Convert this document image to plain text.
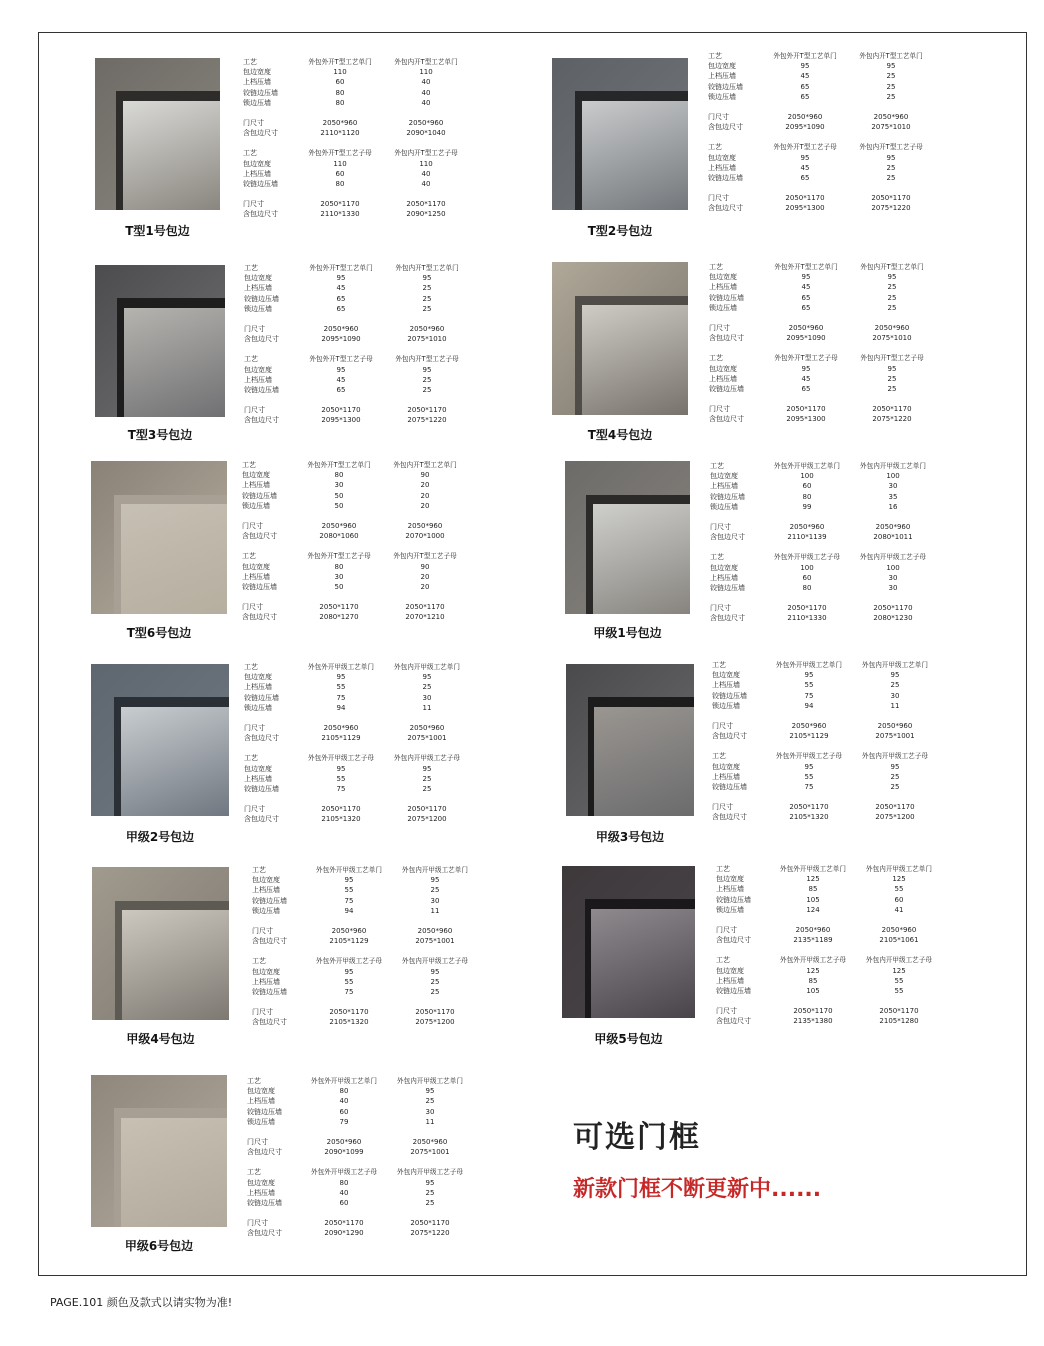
T型1号包边
工艺	外包外开T型工艺单门	外包内开T型工艺单门
包边宽度	110	110
上档压墙	60	40
铰链边压墙	80	40
锁边压墙	80	40
门尺寸	2050*960	2050*960
含包边尺寸	2110*1120	2090*1040
工艺	外包外开T型工艺子母	外包内开T型工艺子母
包边宽度	110	110
上档压墙	60	40
铰链边压墙	80	40
门尺寸	2050*1170	2050*1170
含包边尺寸	2110*1330	2090*1250
T型2号包边
工艺	外包外开T型工艺单门	外包内开T型工艺单门
包边宽度	95	95
上档压墙	45	25
铰链边压墙	65	25
锁边压墙	65	25
门尺寸	2050*960	2050*960
含包边尺寸	2095*1090	2075*1010
工艺	外包外开T型工艺子母	外包内开T型工艺子母
包边宽度	95	95
上档压墙	45	25
铰链边压墙	65	25
门尺寸	2050*1170	2050*1170
含包边尺寸	2095*1300	2075*1220
T型3号包边
工艺	外包外开T型工艺单门	外包内开T型工艺单门
包边宽度	95	95
上档压墙	45	25
铰链边压墙	65	25
锁边压墙	65	25
门尺寸	2050*960	2050*960
含包边尺寸	2095*1090	2075*1010
工艺	外包外开T型工艺子母	外包内开T型工艺子母
包边宽度	95	95
上档压墙	45	25
铰链边压墙	65	25
门尺寸	2050*1170	2050*1170
含包边尺寸	2095*1300	2075*1220
T型4号包边
工艺	外包外开T型工艺单门	外包内开T型工艺单门
包边宽度	95	95
上档压墙	45	25
铰链边压墙	65	25
锁边压墙	65	25
门尺寸	2050*960	2050*960
含包边尺寸	2095*1090	2075*1010
工艺	外包外开T型工艺子母	外包内开T型工艺子母
包边宽度	95	95
上档压墙	45	25
铰链边压墙	65	25
门尺寸	2050*1170	2050*1170
含包边尺寸	2095*1300	2075*1220
T型6号包边
工艺	外包外开T型工艺单门	外包内开T型工艺单门
包边宽度	80	90
上档压墙	30	20
铰链边压墙	50	20
锁边压墙	50	20
门尺寸	2050*960	2050*960
含包边尺寸	2080*1060	2070*1000
工艺	外包外开T型工艺子母	外包内开T型工艺子母
包边宽度	80	90
上档压墙	30	20
铰链边压墙	50	20
门尺寸	2050*1170	2050*1170
含包边尺寸	2080*1270	2070*1210
甲级1号包边
工艺	外包外开甲级工艺单门	外包内开甲级工艺单门
包边宽度	100	100
上档压墙	60	30
铰链边压墙	80	35
锁边压墙	99	16
门尺寸	2050*960	2050*960
含包边尺寸	2110*1139	2080*1011
工艺	外包外开甲级工艺子母	外包内开甲级工艺子母
包边宽度	100	100
上档压墙	60	30
铰链边压墙	80	30
门尺寸	2050*1170	2050*1170
含包边尺寸	2110*1330	2080*1230
甲级2号包边
工艺	外包外开甲级工艺单门	外包内开甲级工艺单门
包边宽度	95	95
上档压墙	55	25
铰链边压墙	75	30
锁边压墙	94	11
门尺寸	2050*960	2050*960
含包边尺寸	2105*1129	2075*1001
工艺	外包外开甲级工艺子母	外包内开甲级工艺子母
包边宽度	95	95
上档压墙	55	25
铰链边压墙	75	25
门尺寸	2050*1170	2050*1170
含包边尺寸	2105*1320	2075*1200
甲级3号包边
工艺	外包外开甲级工艺单门	外包内开甲级工艺单门
包边宽度	95	95
上档压墙	55	25
铰链边压墙	75	30
锁边压墙	94	11
门尺寸	2050*960	2050*960
含包边尺寸	2105*1129	2075*1001
工艺	外包外开甲级工艺子母	外包内开甲级工艺子母
包边宽度	95	95
上档压墙	55	25
铰链边压墙	75	25
门尺寸	2050*1170	2050*1170
含包边尺寸	2105*1320	2075*1200
甲级4号包边
工艺	外包外开甲级工艺单门	外包内开甲级工艺单门
包边宽度	95	95
上档压墙	55	25
铰链边压墙	75	30
锁边压墙	94	11
门尺寸	2050*960	2050*960
含包边尺寸	2105*1129	2075*1001
工艺	外包外开甲级工艺子母	外包内开甲级工艺子母
包边宽度	95	95
上档压墙	55	25
铰链边压墙	75	25
门尺寸	2050*1170	2050*1170
含包边尺寸	2105*1320	2075*1200
甲级5号包边
工艺	外包外开甲级工艺单门	外包内开甲级工艺单门
包边宽度	125	125
上档压墙	85	55
铰链边压墙	105	60
锁边压墙	124	41
门尺寸	2050*960	2050*960
含包边尺寸	2135*1189	2105*1061
工艺	外包外开甲级工艺子母	外包内开甲级工艺子母
包边宽度	125	125
上档压墙	85	55
铰链边压墙	105	55
门尺寸	2050*1170	2050*1170
含包边尺寸	2135*1380	2105*1280
甲级6号包边
工艺	外包外开甲级工艺单门	外包内开甲级工艺单门
包边宽度	80	95
上档压墙	40	25
铰链边压墙	60	30
锁边压墙	79	11
门尺寸	2050*960	2050*960
含包边尺寸	2090*1099	2075*1001
工艺	外包外开甲级工艺子母	外包内开甲级工艺子母
包边宽度	80	95
上档压墙	40	25
铰链边压墙	60	25
门尺寸	2050*1170	2050*1170
含包边尺寸	2090*1290	2075*1220
可选门框
新款门框不断更新中......
PAGE.101 颜色及款式以请实物为准!
